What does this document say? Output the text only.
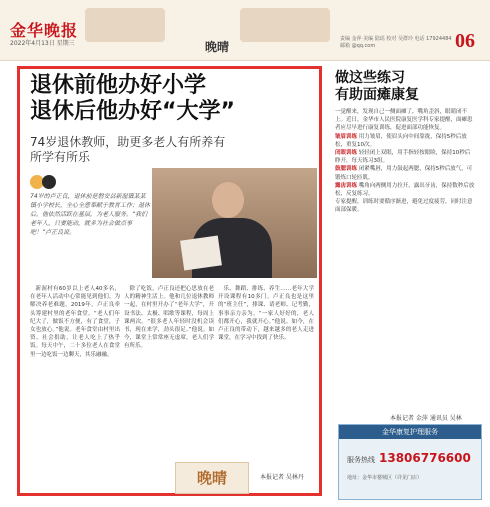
金华晚报
2022年4月13日 星期三	晚晴
责编 金萍 美编 陆瑶 校对 吴群玲 电话 17924484 邮箱 @qq.com	06
退休前他办好小学
退休后他办好“大学”
74岁退休教师，助更多老人有所养有所学有所乐
74岁的卢正良，退休前是磐安县新渥镇某某镇小学校长，全心全意奉献于教育工作；退休后，他依然活跃在基层，为老人服务。“我们老年人，只要能动，就多为社会做点事吧！”卢正良说。

新渥村有60岁以上老人40多名，在老年人活动中心常能见到他们。为解决养老难题，2019年，卢正良牵头筹建村里的老年食堂。“老人们年纪大了，做饭不方便，有了食堂，子女也放心。”他说。老年食堂由村里出资、社会捐助，让老人吃上了热乎饭。每天中午，二十多位老人在食堂里一边吃饭一边聊天，其乐融融。

除了吃饭，卢正良还把心思放在老人的精神生活上。他和几位退休教师一起，在村里开办了“老年大学”，开设书法、太极、唱歌等课程，每周上课两次。“很多老人年轻时没机会读书，现在来学，劲头很足。”他说。如今，课堂上常常座无虚席，老人们学有所乐。

乐、舞蹈、排练、养生……老年大学开设课程有10多门。卢正良也是这里的“班主任”，排课、请老师、记考勤，事事亲力亲为。“一家人好好的，老人们都开心，我就开心。”他说。如今，在卢正良的带动下，越来越多的老人走进课堂，在学习中找到了快乐。

晚晴	本报记者 吴林丹
做这些练习
有助面瘫康复

一觉醒来，发现自己一侧面瘫了，嘴角歪斜，眼睛闭不上。近日，金华市人民医院康复医学科专家提醒，面瘫患者应尽早进行康复训练，促进面部功能恢复。

皱眉训练 用力皱眉，使眉头向中间靠拢，保持5秒后放松，重复10次。

闭眼训练 轻轻闭上双眼，用手指轻按眼睑，保持10秒后睁开，每天练习3组。

鼓腮训练 闭紧嘴唇，用力鼓起两腮，保持5秒后放气，可锻炼口轮匝肌。

露齿训练 嘴角向两侧用力拉开，露出牙齿，保持数秒后放松，反复练习。

专家提醒，训练时要循序渐进，避免过度疲劳，同时注意面部保暖。

本报记者 金萍 通讯员 吴林
金华康复护理服务
服务热线 13806776600
地址：金华市婺城区（详见门店）
